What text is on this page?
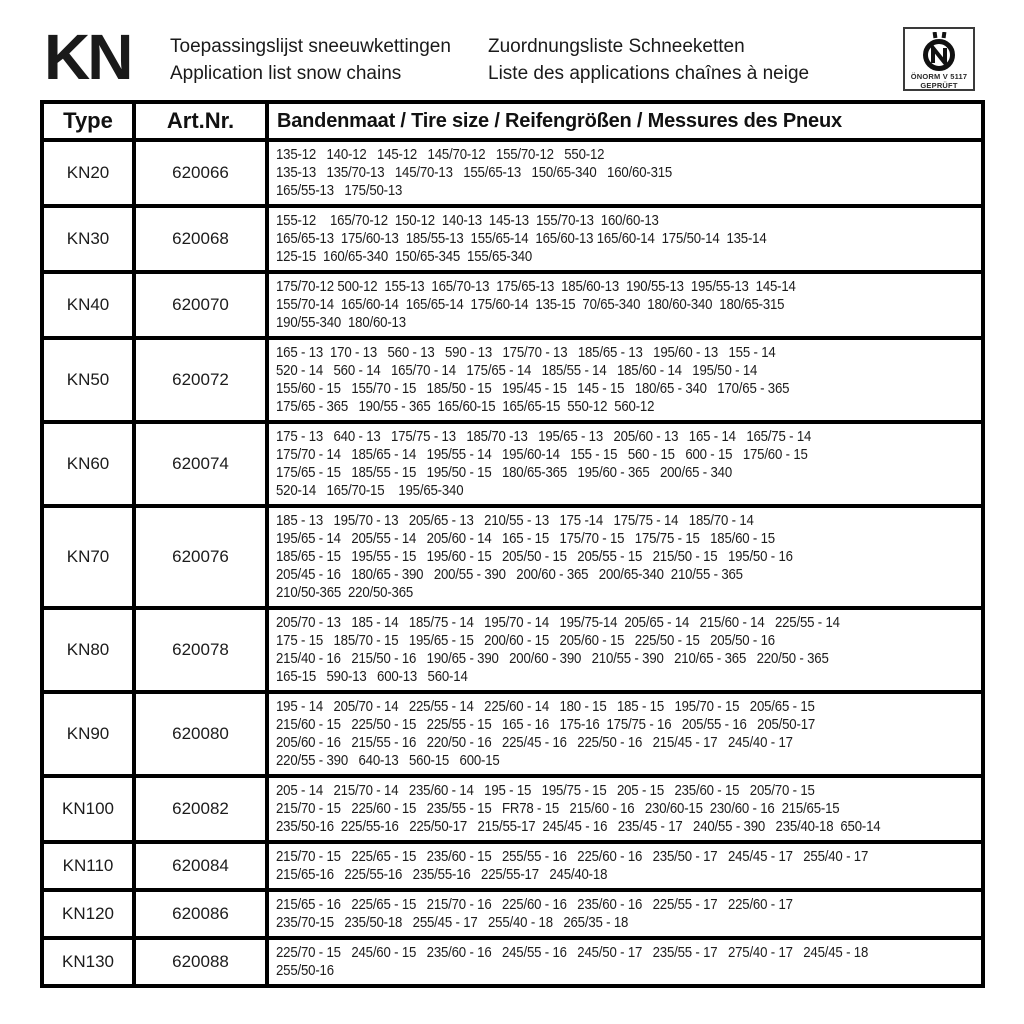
KN Toepassingslijst sneeuwkettingen
Application list snow chains
Zuordnungsliste Schneeketten
Liste des applications chaînes à neige	ÖNORM V 5117
GEPRÜFT
Type	Art.Nr.	Bandenmaat / Tire size / Reifengrößen / Messures des Pneux
KN20	620066	135-12   140-12   145-12   145/70-12   155/70-12   550-12
135-13   135/70-13   145/70-13   155/65-13   150/65-340   160/60-315
165/55-13   175/50-13

KN30	620068	155-12    165/70-12  150-12  140-13  145-13  155/70-13  160/60-13
165/65-13  175/60-13  185/55-13  155/65-14  165/60-13 165/60-14  175/50-14  135-14
125-15  160/65-340  150/65-345  155/65-340

KN40	620070	175/70-12 500-12  155-13  165/70-13  175/65-13  185/60-13  190/55-13  195/55-13  145-14
155/70-14  165/60-14  165/65-14  175/60-14  135-15  70/65-340  180/60-340  180/65-315
190/55-340  180/60-13

KN50	620072	165 - 13  170 - 13   560 - 13   590 - 13   175/70 - 13   185/65 - 13   195/60 - 13   155 - 14
520 - 14   560 - 14   165/70 - 14   175/65 - 14   185/55 - 14   185/60 - 14   195/50 - 14
155/60 - 15   155/70 - 15   185/50 - 15   195/45 - 15   145 - 15   180/65 - 340   170/65 - 365
175/65 - 365   190/55 - 365  165/60-15  165/65-15  550-12  560-12

KN60	620074	175 - 13   640 - 13   175/75 - 13   185/70 -13   195/65 - 13   205/60 - 13   165 - 14   165/75 - 14
175/70 - 14   185/65 - 14   195/55 - 14   195/60-14   155 - 15   560 - 15   600 - 15   175/60 - 15
175/65 - 15   185/55 - 15   195/50 - 15   180/65-365   195/60 - 365   200/65 - 340
520-14   165/70-15    195/65-340

KN70	620076	185 - 13   195/70 - 13   205/65 - 13   210/55 - 13   175 -14   175/75 - 14   185/70 - 14
195/65 - 14   205/55 - 14   205/60 - 14   165 - 15   175/70 - 15   175/75 - 15   185/60 - 15
185/65 - 15   195/55 - 15   195/60 - 15   205/50 - 15   205/55 - 15   215/50 - 15   195/50 - 16
205/45 - 16   180/65 - 390   200/55 - 390   200/60 - 365   200/65-340  210/55 - 365
210/50-365  220/50-365

KN80	620078	205/70 - 13   185 - 14   185/75 - 14   195/70 - 14   195/75-14  205/65 - 14   215/60 - 14   225/55 - 14
175 - 15   185/70 - 15   195/65 - 15   200/60 - 15   205/60 - 15   225/50 - 15   205/50 - 16
215/40 - 16   215/50 - 16   190/65 - 390   200/60 - 390   210/55 - 390   210/65 - 365   220/50 - 365
165-15   590-13   600-13   560-14

KN90	620080	195 - 14   205/70 - 14   225/55 - 14   225/60 - 14   180 - 15   185 - 15   195/70 - 15   205/65 - 15
215/60 - 15   225/50 - 15   225/55 - 15   165 - 16   175-16  175/75 - 16   205/55 - 16   205/50-17
205/60 - 16   215/55 - 16   220/50 - 16   225/45 - 16   225/50 - 16   215/45 - 17   245/40 - 17
220/55 - 390   640-13   560-15   600-15

KN100	620082	205 - 14   215/70 - 14   235/60 - 14   195 - 15   195/75 - 15   205 - 15   235/60 - 15   205/70 - 15
215/70 - 15   225/60 - 15   235/55 - 15   FR78 - 15   215/60 - 16   230/60-15  230/60 - 16  215/65-15
235/50-16  225/55-16   225/50-17   215/55-17  245/45 - 16   235/45 - 17   240/55 - 390   235/40-18  650-14

KN110	620084	215/70 - 15   225/65 - 15   235/60 - 15   255/55 - 16   225/60 - 16   235/50 - 17   245/45 - 17   255/40 - 17
215/65-16   225/55-16   235/55-16   225/55-17   245/40-18

KN120	620086	215/65 - 16   225/65 - 15   215/70 - 16   225/60 - 16   235/60 - 16   225/55 - 17   225/60 - 17
235/70-15   235/50-18   255/45 - 17   255/40 - 18   265/35 - 18

KN130	620088	225/70 - 15   245/60 - 15   235/60 - 16   245/55 - 16   245/50 - 17   235/55 - 17   275/40 - 17   245/45 - 18
255/50-16
